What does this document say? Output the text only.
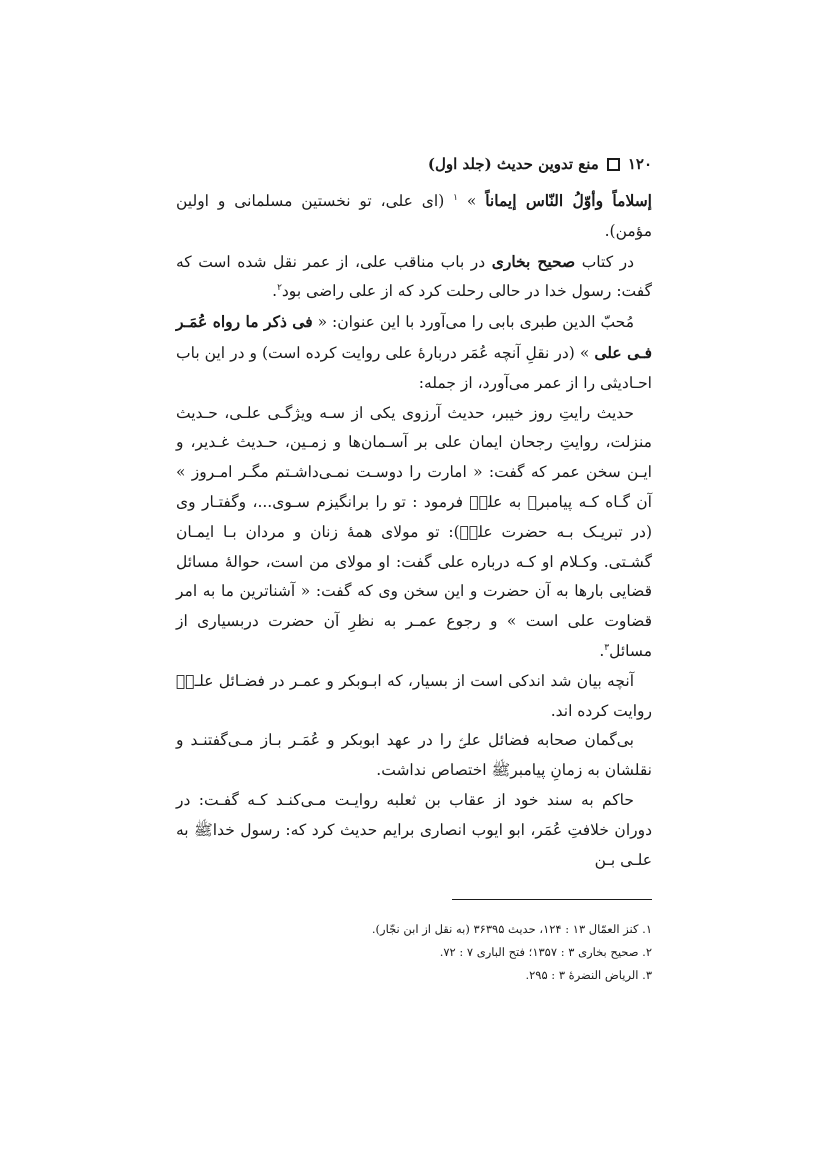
۱۲۰
منع تدوین حدیث (جلد اول)

إسلاماً وأوّلُ النّاس إيماناً » $^۱$ (ای علی، تو نخستین مسلمانی و اولین مؤمن).

در کتاب صحیح بخاری در باب مناقب علی، از عمر نقل شده است که گفت: رسول خدا در حالی رحلت کرد که از علی راضی بود$^۲$.

مُحبّ الدین طبری بابی را می‌آورد با این عنوان: « فی ذکر ما رواه عُمَـر فـی علی » (در نقلِ آنچه عُمَر دربارهٔ علی روایت کرده است) و در این باب احـادیثی را از عمر می‌آورد، از جمله:

حدیث رایتِ روز خیبر، حدیث آرزوی یکی از سـه ویژگـی علـی، حـدیث منزلت، روایتِ رجحان ایمان علی بر آسـمان‌ها و زمـین، حـدیث غـدیر، و ایـن سخن عمر که گفت: « امارت را دوسـت نمـی‌داشـتم مگـر امـروز » آن گـاه کـه پیامبرﷺ به علیؑ فرمود : تو را برانگیزم سـوی...، وگفتـار وی (در تبریـک بـه حضرت علیؑ): تو مولای همهٔ زنان و مردان بـا ایمـان گشـتی. وکـلام او کـه درباره علی گفت: او مولای من است، حوالهٔ مسائل قضایی بارها به آن حضرت و این سخن وی که گفت: « آشناترین ما به امر قضاوت علی است » و رجوع عمـر به نظرِ آن حضرت دربسیاری از مسائل$^۳$.

آنچه بیان شد اندکی است از بسیار، که ابـوبکر و عمـر در فضـائل علـیؑ روایت کرده اند.

بی‌گمان صحابه فضائل علیؑ را در عهد ابوبکر و عُمَـر بـاز مـی‌گفتنـد و نقلشان به زمانِ پیامبرﷺ اختصاص نداشت.

حاکم به سند خود از عقاب بن ثعلبه روایـت مـی‌کنـد کـه گفـت: در دوران خلافتِ عُمَر، ابو ایوب انصاری برایم حدیث کرد که: رسول خداﷺ به علـی بـن

۱. کنز العمّال ۱۳ : ۱۲۴، حدیث ۳۶۳۹۵ (به نقل از ابن نجّار).
۲. صحیح بخاری ۳ : ۱۳۵۷؛ فتح الباری ۷ : ۷۲.
۳. الریاض النضرهٔ ۳ : ۲۹۵.
